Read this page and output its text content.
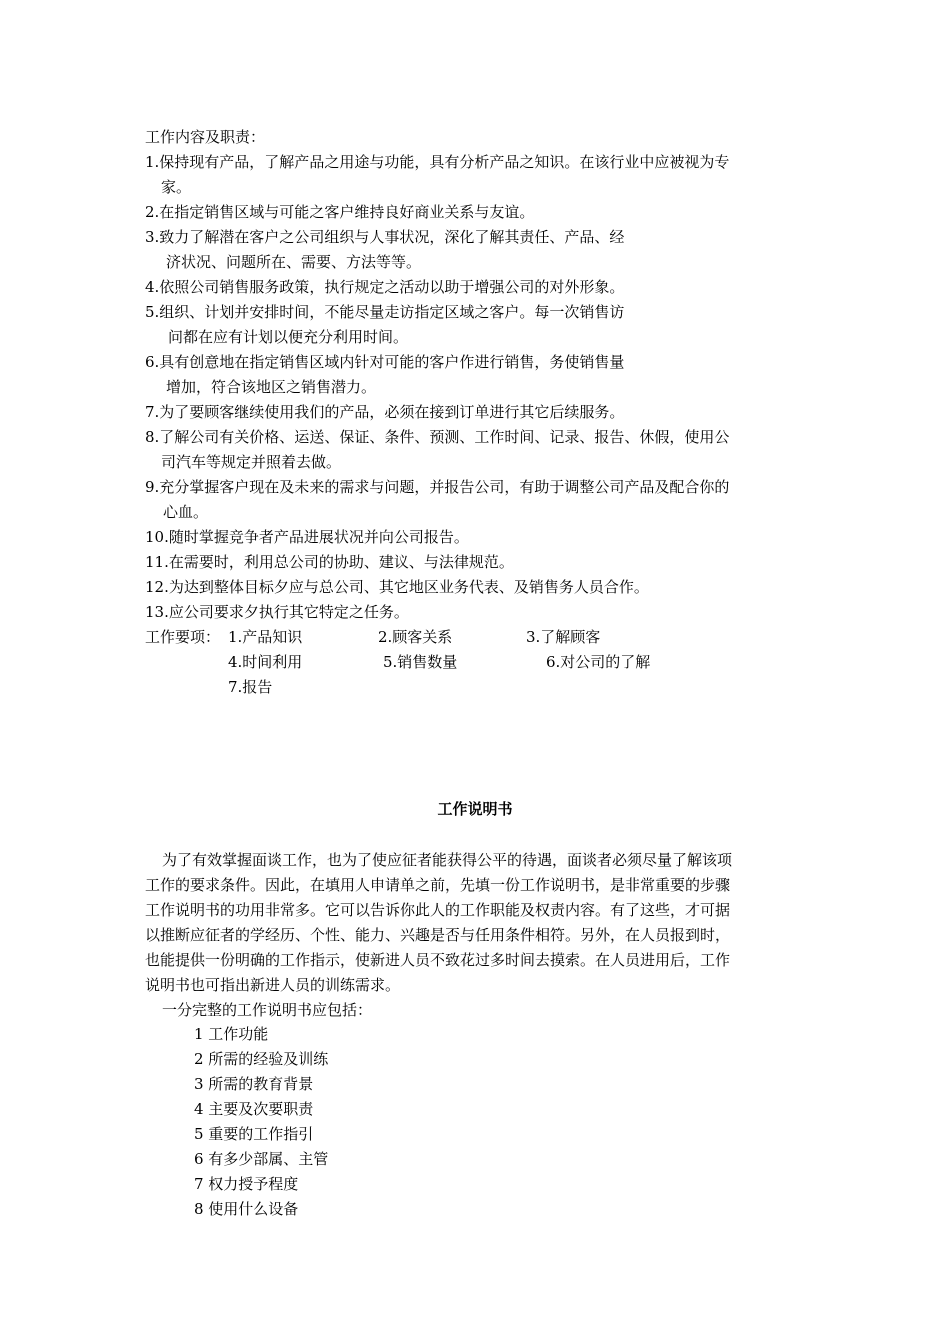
工作内容及职责：
1.保持现有产品，了解产品之用途与功能，具有分析产品之知识。在该行业中应被视为专
家。
2.在指定销售区域与可能之客户维持良好商业关系与友谊。
3.致力了解潜在客户之公司组织与人事状况，深化了解其责任、产品、经
济状况、问题所在、需要、方法等等。
4.依照公司销售服务政策，执行规定之活动以助于增强公司的对外形象。
5.组织、计划并安排时间，不能尽量走访指定区域之客户。每一次销售访
问都在应有计划以便充分利用时间。
6.具有创意地在指定销售区域内针对可能的客户作进行销售，务使销售量
增加，符合该地区之销售潜力。
7.为了要顾客继续使用我们的产品，必须在接到订单进行其它后续服务。
8.了解公司有关价格、运送、保证、条件、预测、工作时间、记录、报告、休假，使用公
司汽车等规定并照着去做。
9.充分掌握客户现在及未来的需求与问题，并报告公司，有助于调整公司产品及配合你的
心血。
10.随时掌握竞争者产品进展状况并向公司报告。
11.在需要时，利用总公司的协助、建议、与法律规范。
12.为达到整体目标夕应与总公司、其它地区业务代表、及销售务人员合作。
13.应公司要求夕执行其它特定之任务。
工作要项： 1.产品知识	2.顾客关系	3.了解顾客
4.时间利用	5.销售数量	6.对公司的了解
7.报告
工作说明书
为了有效掌握面谈工作，也为了使应征者能获得公平的待遇，面谈者必须尽量了解该项
工作的要求条件。因此，在填用人申请单之前，先填一份工作说明书，是非常重要的步骤
工作说明书的功用非常多。它可以告诉你此人的工作职能及权责内容。有了这些，才可据
以推断应征者的学经历、个性、能力、兴趣是否与任用条件相符。另外，在人员报到时，
也能提供一份明确的工作指示，使新进人员不致花过多时间去摸索。在人员进用后，工作
说明书也可指出新进人员的训练需求。
一分完整的工作说明书应包括：
1 工作功能
2 所需的经验及训练
3 所需的教育背景
4 主要及次要职责
5 重要的工作指引
6 有多少部属、主管
7 权力授予程度
8 使用什么设备
